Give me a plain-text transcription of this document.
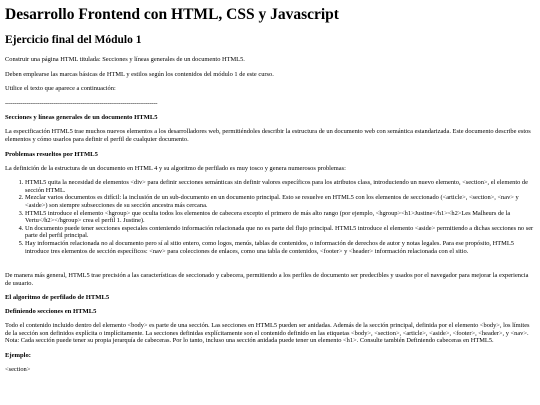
Desarrollo Frontend con HTML, CSS y Javascript
Ejercicio final del Módulo 1

Construir una página HTML titulada: Secciones y líneas generales de un documento HTML5.

Deben emplearse las marcas básicas de HTML y estilos según los contenidos del módulo 1 de este curso.

Utilice el texto que aparece a continuación:

-------------------------------------------------------------------------------

Secciones y líneas generales de un documento HTML5

La especificación HTML5 trae muchos nuevos elementos a los desarrolladores web, permitiéndoles describir la estructura de un documento web con semántica estandarizada. Este documento describe estos elementos y cómo usarlos para definir el perfil de cualquier documento.

Problemas resueltos por HTML5

La definición de la estructura de un documento en HTML 4 y su algoritmo de perfilado es muy tosco y genera numerosos problemas:

1. HTML5 quita la necesidad de elementos <div> para definir secciones semánticas sin definir valores específicos para los atributos class, introduciendo un nuevo elemento, <section>, el elemento de sección HTML.
2. Mezclar varios documentos es difícil: la inclusión de un sub-documento en un documento principal. Esto se resuelve en HTML5 con los elementos de seccionado (<article>, <section>, <nav> y <aside>) son siempre subsecciones de su sección ancestra más cercana.
3. HTML5 introduce el elemento <hgroup> que oculta todos los elementos de cabecera excepto el primero de más alto rango (por ejemplo, <hgroup><h1>Justine</h1><h2>Les Malheurs de la Vertu</h2></hgroup> crea el perfil 1. Justine).
4. Un documento puede tener secciones especiales conteniendo información relacionada que no es parte del flujo principal. HTML5 introduce el elemento <aside> permitiendo a dichas secciones no ser parte del perfil principal.
5. Hay información relacionada no al documento pero sí al sitio entero, como logos, menús, tablas de contenidos, o información de derechos de autor y notas legales. Para ese propósito, HTML5 introduce tres elementos de sección específicos: <nav> para colecciones de enlaces, como una tabla de contenidos, <footer> y <header> información relacionada con el sitio.

De manera más general, HTML5 trae precisión a las características de seccionado y cabecera, permitiendo a los perfiles de documento ser predecibles y usados por el navegador para mejorar la experiencia de usuario.

El algoritmo de perfilado de HTML5
Definiendo secciones en HTML5

Todo el contenido incluido dentro del elemento <body> es parte de una sección. Las secciones en HTML5 pueden ser anidadas. Además de la sección principal, definida por el elemento <body>, los límites de la sección son definidos explícita o implícitamente. La secciones definidas explícitamente son el contenido definido en las etiquetas <body>, <section>, <article>, <aside>, <footer>, <header>, y <nav>. Nota: Cada sección puede tener su propia jerarquía de cabeceras. Por lo tanto, incluso una sección anidada puede tener un elemento <h1>. Consulte también Definiendo cabeceras en HTML5.

Ejemplo:

<section>
